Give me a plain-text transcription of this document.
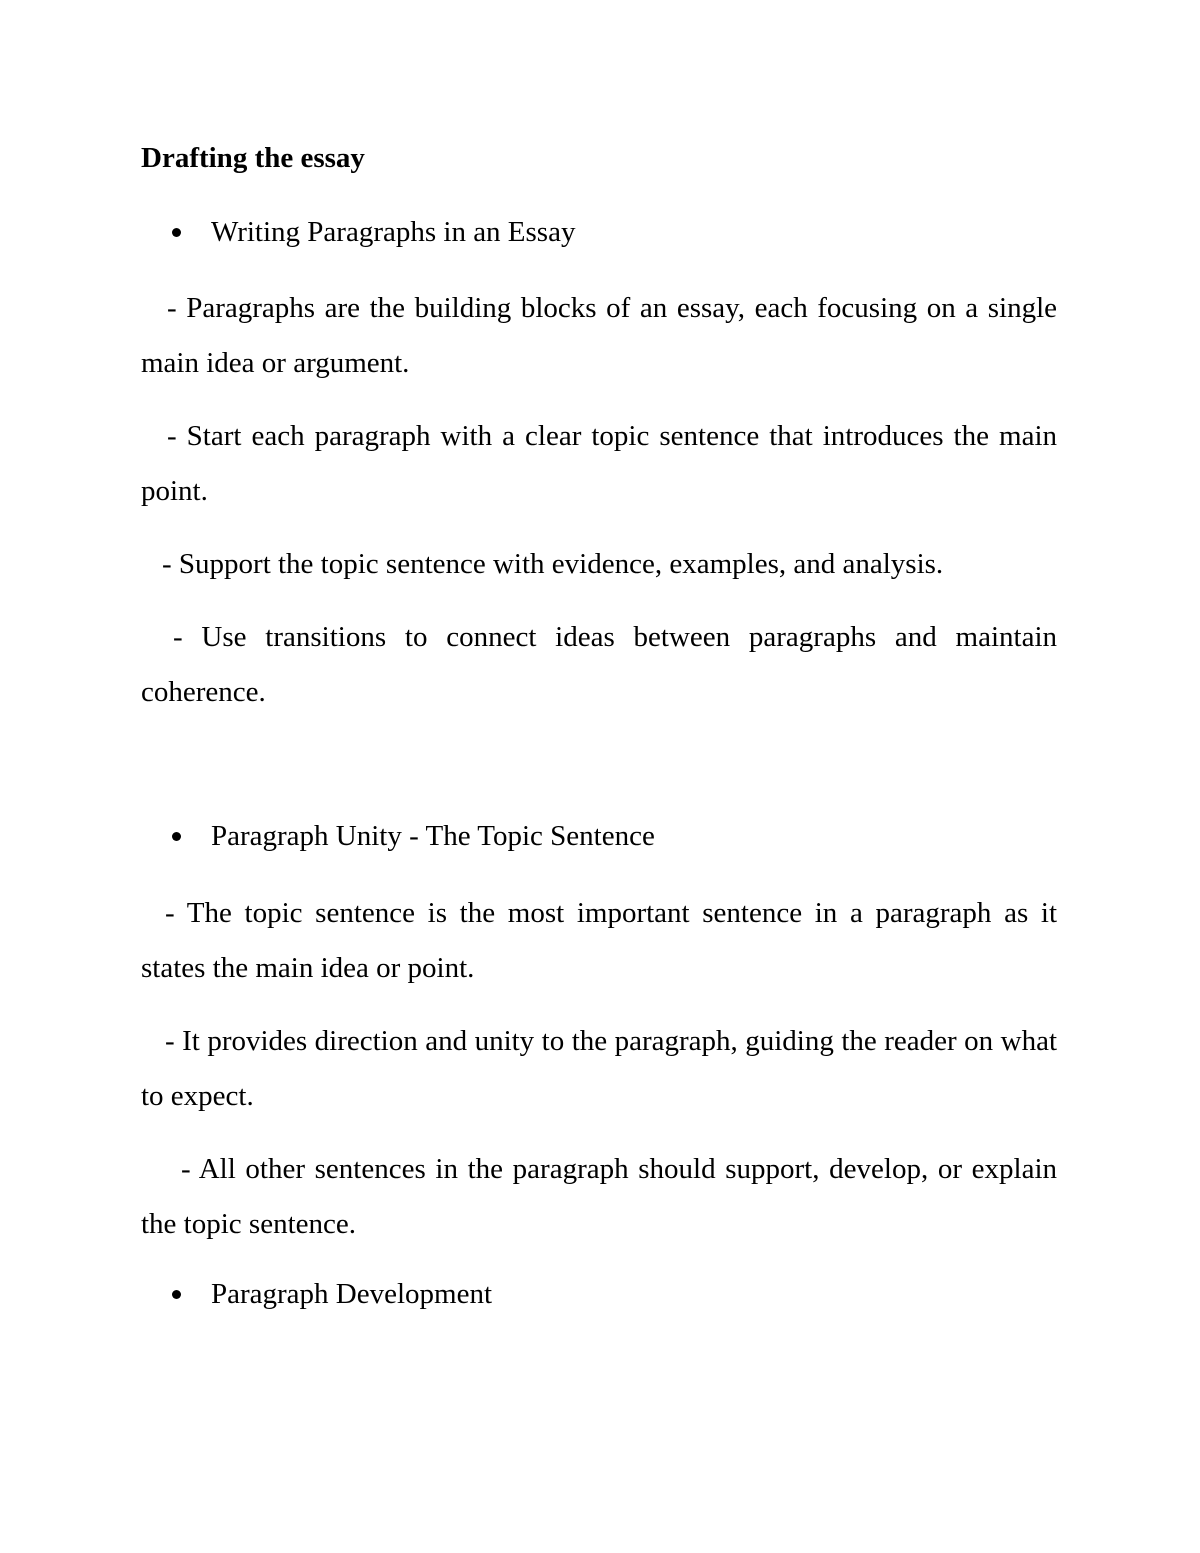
Drafting the essay
Writing Paragraphs in an Essay

- Paragraphs are the building blocks of an essay, each focusing on a single main idea or argument.

- Start each paragraph with a clear topic sentence that introduces the main point.

- Support the topic sentence with evidence, examples, and analysis.

- Use transitions to connect ideas between paragraphs and maintain coherence.

Paragraph Unity - The Topic Sentence

- The topic sentence is the most important sentence in a paragraph as it states the main idea or point.

- It provides direction and unity to the paragraph, guiding the reader on what to expect.

- All other sentences in the paragraph should support, develop, or explain the topic sentence.

Paragraph Development
